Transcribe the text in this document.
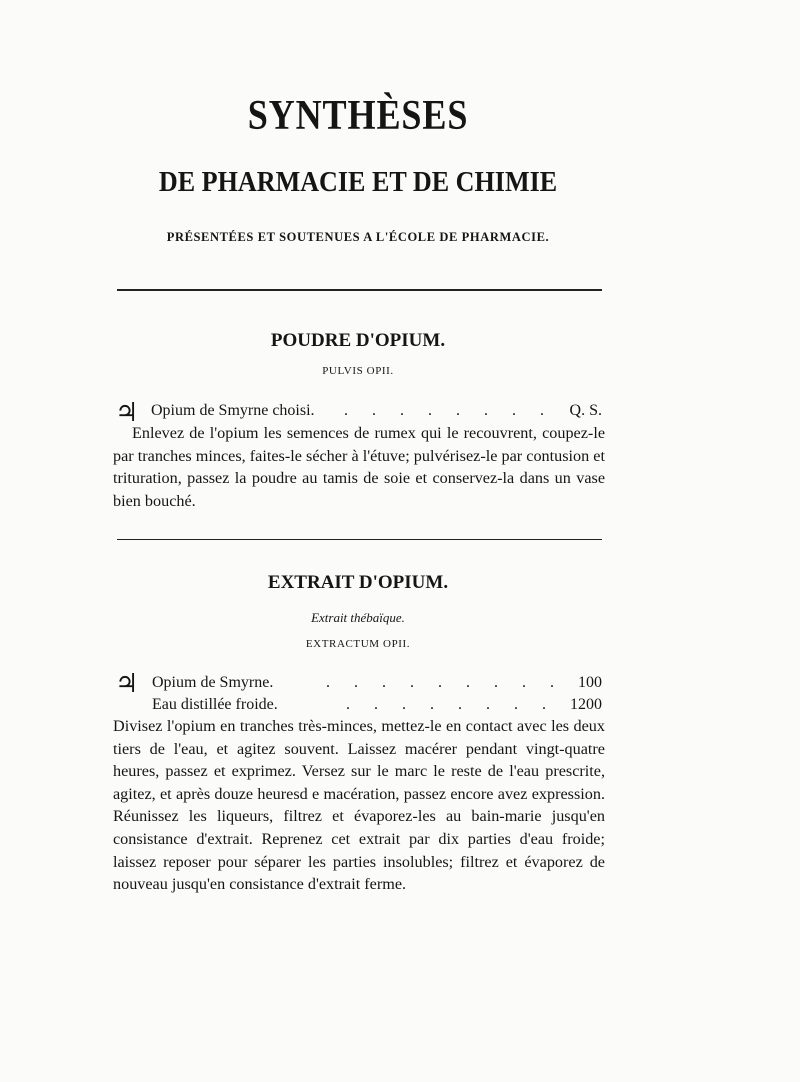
SYNTHÈSES
DE PHARMACIE ET DE CHIMIE
PRÉSENTÉES ET SOUTENUES A L'ÉCOLE DE PHARMACIE.
POUDRE D'OPIUM.
PULVIS OPII.
♃ Opium de Smyrne choisi. . . . . . . . . Q. S.

Enlevez de l'opium les semences de rumex qui le recouvrent, coupez-le par tranches minces, faites-le sécher à l'étuve; pulvérisez-le par contusion et trituration, passez la poudre au tamis de soie et conservez-la dans un vase bien bouché.

EXTRAIT D'OPIUM.
Extrait thébaïque.
EXTRACTUM OPII.
♃ Opium de Smyrne.	. . . . . . . . . 100
Eau distillée froide.	. . . . . . . . 1200

Divisez l'opium en tranches très-minces, mettez-le en contact avec les deux tiers de l'eau, et agitez souvent. Laissez macérer pendant vingt-quatre heures, passez et exprimez. Versez sur le marc le reste de l'eau prescrite, agitez, et après douze heuresd e macération, passez encore avez expression. Réunissez les liqueurs, filtrez et évaporez-les au bain-marie jusqu'en consistance d'extrait. Reprenez cet extrait par dix parties d'eau froide; laissez reposer pour séparer les parties insolubles; filtrez et évaporez de nouveau jusqu'en consistance d'extrait ferme.
